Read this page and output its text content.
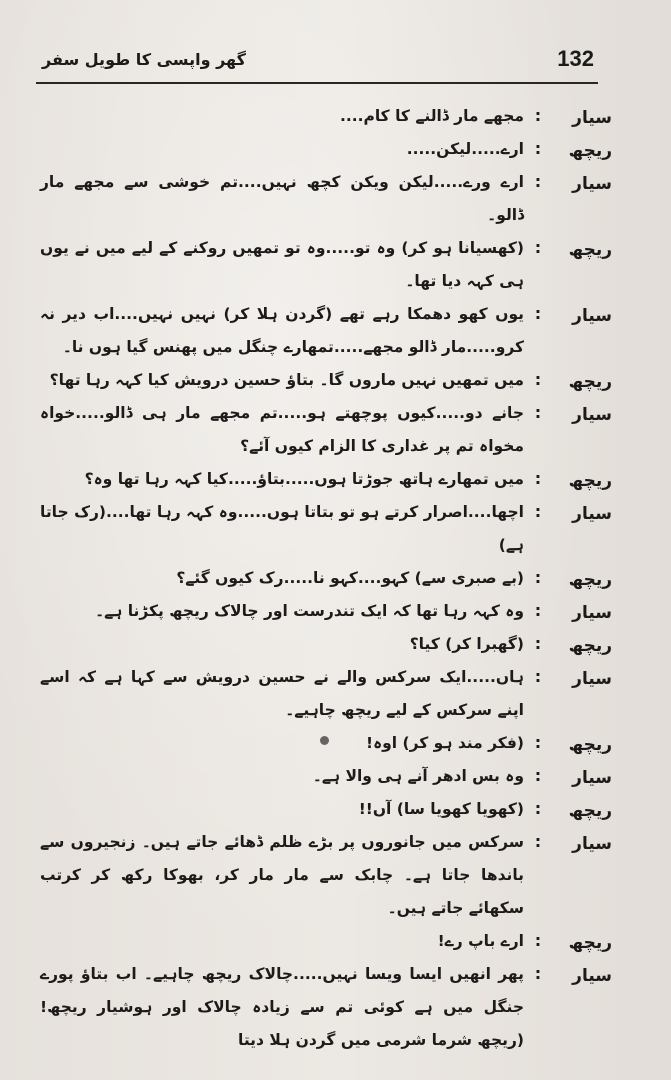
132
گھر واپسی کا طویل سفر
سیار
:
مجھے مار ڈالنے کا کام....
ریچھ
:
ارے.....لیکن.....
سیار
:
ارے ورے.....لیکن ویکن کچھ نہیں....تم خوشی سے مجھے مار ڈالو۔
ریچھ
:
(کھسیانا ہو کر) وہ تو.....وہ تو تمھیں روکنے کے لیے میں نے یوں ہی کہہ دیا تھا۔
سیار
:
یوں کھو دھمکا رہے تھے (گردن ہلا کر) نہیں نہیں....اب دیر نہ کرو.....مار ڈالو مجھے.....تمھارے چنگل میں پھنس گیا ہوں نا۔
ریچھ
:
میں تمھیں نہیں ماروں گا۔ بتاؤ حسین درویش کیا کہہ رہا تھا؟
سیار
:
جانے دو.....کیوں پوچھتے ہو.....تم مجھے مار ہی ڈالو.....خواہ مخواہ تم پر غداری کا الزام کیوں آئے؟
ریچھ
:
میں تمھارے ہاتھ جوڑتا ہوں.....بتاؤ.....کیا کہہ رہا تھا وہ؟
سیار
:
اچھا....اصرار کرتے ہو تو بتاتا ہوں.....وہ کہہ رہا تھا....(رک جاتا ہے)
ریچھ
:
(بے صبری سے) کہو....کہو نا.....رک کیوں گئے؟
سیار
:
وہ کہہ رہا تھا کہ ایک تندرست اور چالاک ریچھ پکڑنا ہے۔
ریچھ
:
(گھبرا کر) کیا؟
سیار
:
ہاں.....ایک سرکس والے نے حسین درویش سے کہا ہے کہ اسے اپنے سرکس کے لیے ریچھ چاہیے۔
ریچھ
:
(فکر مند ہو کر) اوہ!
سیار
:
وہ بس ادھر آنے ہی والا ہے۔
ریچھ
:
(کھویا کھویا سا) آں!!
سیار
:
سرکس میں جانوروں پر بڑے ظلم ڈھائے جاتے ہیں۔ زنجیروں سے باندھا جاتا ہے۔ چابک سے مار مار کر، بھوکا رکھ کر کرتب سکھائے جاتے ہیں۔
ریچھ
:
ارے باپ رے!
سیار
:
پھر انھیں ایسا ویسا نہیں.....چالاک ریچھ چاہیے۔ اب بتاؤ پورے جنگل میں ہے کوئی تم سے زیادہ چالاک اور ہوشیار ریچھ! (ریچھ شرما شرمی میں گردن ہلا دیتا
